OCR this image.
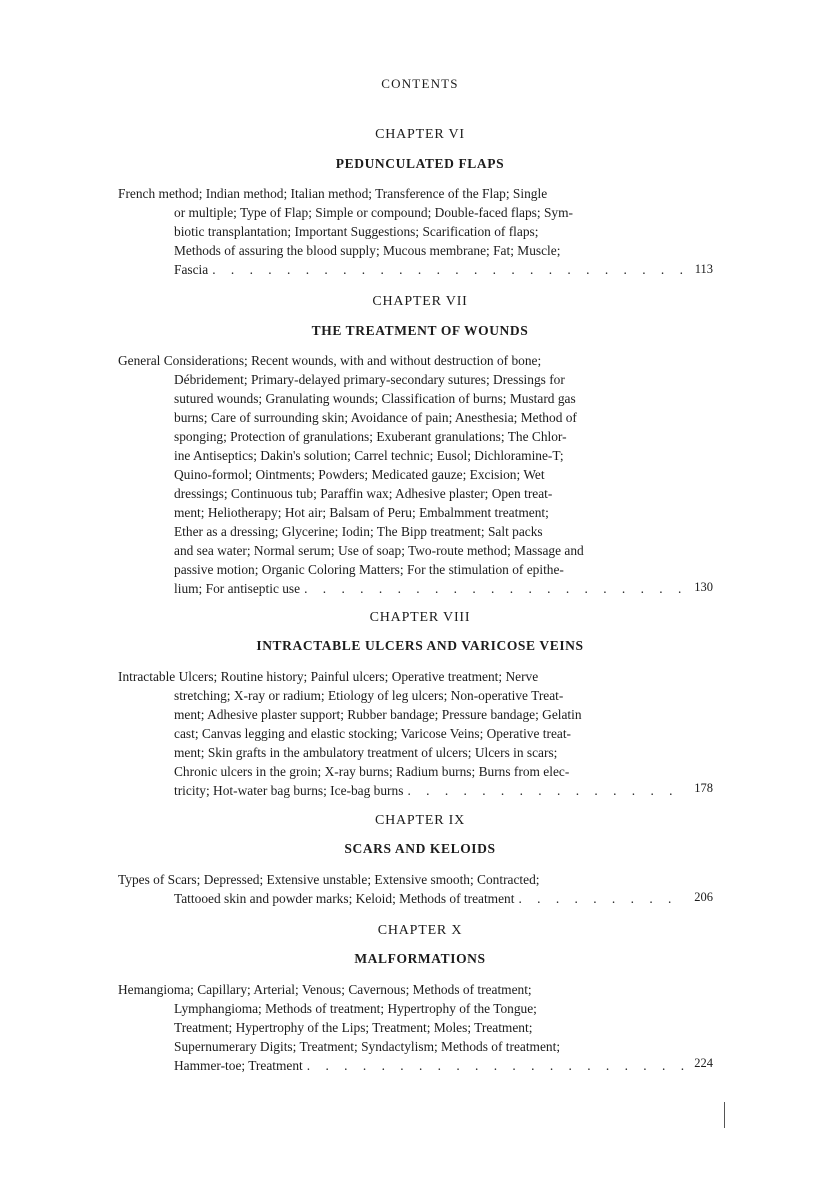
CONTENTS
CHAPTER VI
PEDUNCULATED FLAPS
French method; Indian method; Italian method; Transference of the Flap; Single
or multiple; Type of Flap; Simple or compound; Double-faced flaps; Sym-
biotic transplantation; Important Suggestions; Scarification of flaps;
Methods of assuring the blood supply; Mucous membrane; Fat; Muscle;
Fascia . . .	113
CHAPTER VII
THE TREATMENT OF WOUNDS
General Considerations; Recent wounds, with and without destruction of bone;
Débridement; Primary-delayed primary-secondary sutures; Dressings for
sutured wounds; Granulating wounds; Classification of burns; Mustard gas
burns; Care of surrounding skin; Avoidance of pain; Anesthesia; Method of
sponging; Protection of granulations; Exuberant granulations; The Chlor-
ine Antiseptics; Dakin's solution; Carrel technic; Eusol; Dichloramine-T;
Quino-formol; Ointments; Powders; Medicated gauze; Excision; Wet
dressings; Continuous tub; Paraffin wax; Adhesive plaster; Open treat-
ment; Heliotherapy; Hot air; Balsam of Peru; Embalmment treatment;
Ether as a dressing; Glycerine; Iodin; The Bipp treatment; Salt packs
and sea water; Normal serum; Use of soap; Two-route method; Massage and
passive motion; Organic Coloring Matters; For the stimulation of epithe-
lium; For antiseptic use . . .	130
CHAPTER VIII
INTRACTABLE ULCERS AND VARICOSE VEINS
Intractable Ulcers; Routine history; Painful ulcers; Operative treatment; Nerve
stretching; X-ray or radium; Etiology of leg ulcers; Non-operative Treat-
ment; Adhesive plaster support; Rubber bandage; Pressure bandage; Gelatin
cast; Canvas legging and elastic stocking; Varicose Veins; Operative treat-
ment; Skin grafts in the ambulatory treatment of ulcers; Ulcers in scars;
Chronic ulcers in the groin; X-ray burns; Radium burns; Burns from elec-
tricity; Hot-water bag burns; Ice-bag burns . . .	178
CHAPTER IX
SCARS AND KELOIDS
Types of Scars; Depressed; Extensive unstable; Extensive smooth; Contracted;
Tattooed skin and powder marks; Keloid; Methods of treatment . . .	206
CHAPTER X
MALFORMATIONS
Hemangioma; Capillary; Arterial; Venous; Cavernous; Methods of treatment;
Lymphangioma; Methods of treatment; Hypertrophy of the Tongue;
Treatment; Hypertrophy of the Lips; Treatment; Moles; Treatment;
Supernumerary Digits; Treatment; Syndactylism; Methods of treatment;
Hammer-toe; Treatment . . .	224
